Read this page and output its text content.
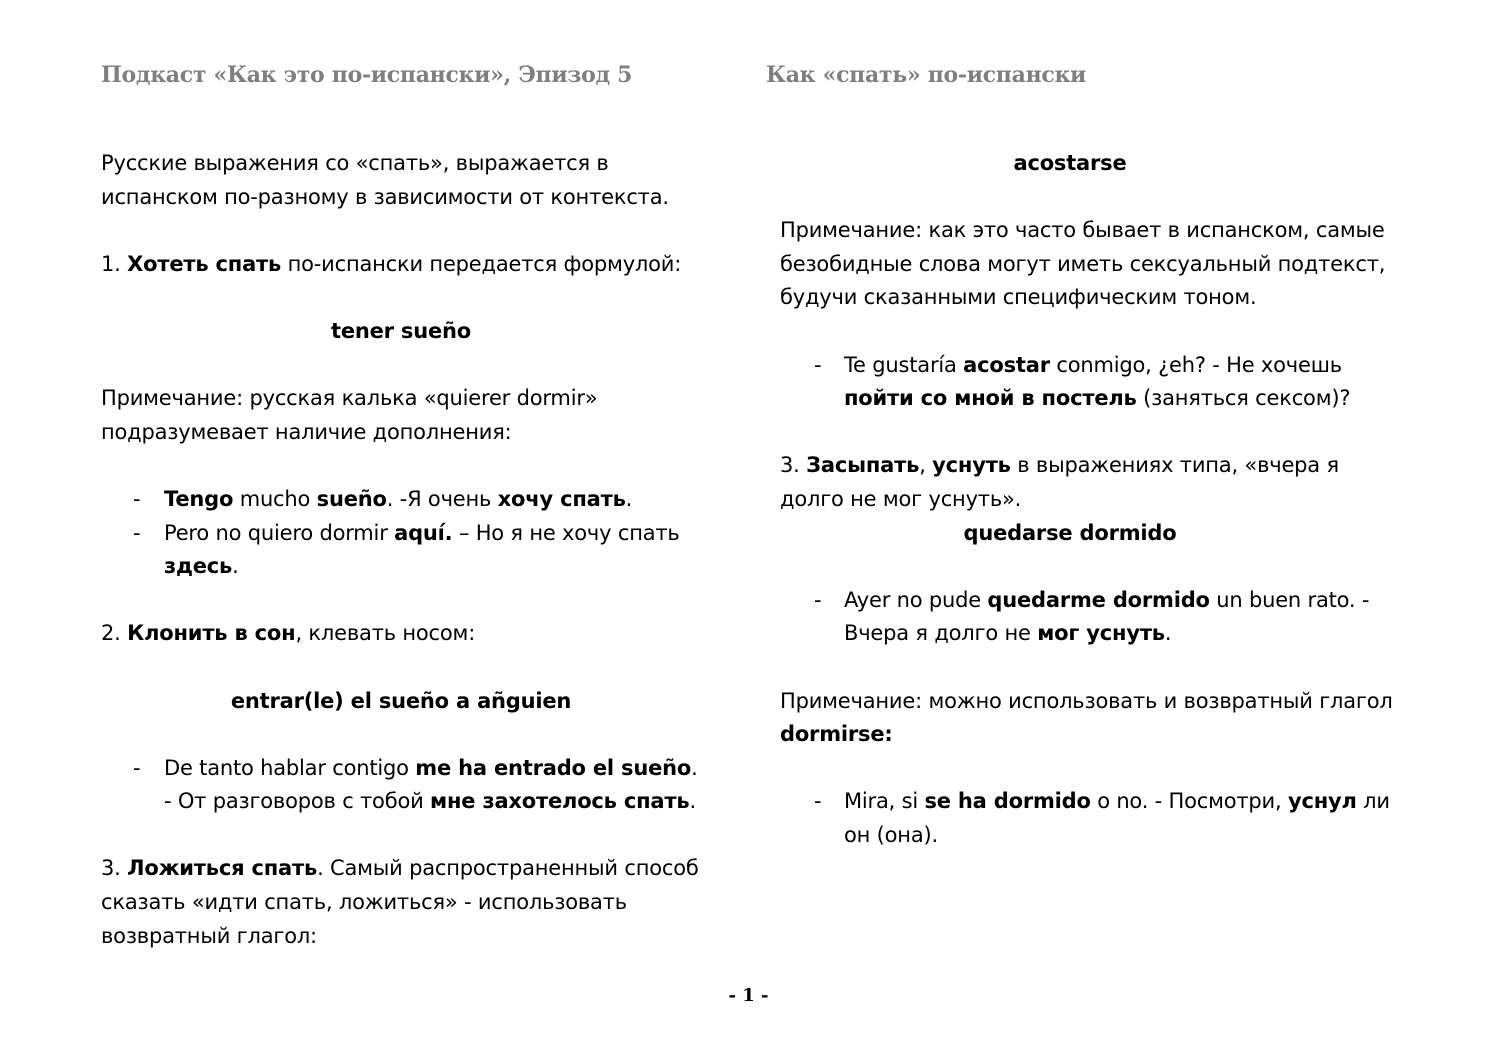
Подкаст «Как это по-испански», Эпизод 5

Русские выражения со «спать», выражается в испанском по-разному в зависимости от контекста.

1. Хотеть спать по-испански передается формулой:

tener sueño

Примечание: русская калька «quierer dormir» подразумевает наличие дополнения:

- Tengo mucho sueño. -Я очень хочу спать.
- Pero no quiero dormir aquí. – Но я не хочу спать здесь.

2. Клонить в сон, клевать носом:

entrar(le) el sueño a añguien

- De tanto hablar contigo me ha entrado el sueño. - От разговоров с тобой мне захотелось спать.

3. Ложиться спать. Самый распространенный способ сказать «идти спать, ложиться» - использовать возвратный глагол:

Как «спать» по-испански

acostarse

Примечание: как это часто бывает в испанском, самые безобидные слова могут иметь сексуальный подтекст, будучи сказанными специфическим тоном.

- Te gustaría acostar conmigo, ¿eh? - Не хочешь пойти со мной в постель (заняться сексом)?

3. Засыпать, уснуть в выражениях типа, «вчера я долго не мог уснуть».

quedarse dormido

- Ayer no pude quedarme dormido un buen rato. - Вчера я долго не мог уснуть.

Примечание: можно использовать и возвратный глагол dormirse:

- Mira, si se ha dormido o no. - Посмотри, уснул ли он (она).
- 1 -
